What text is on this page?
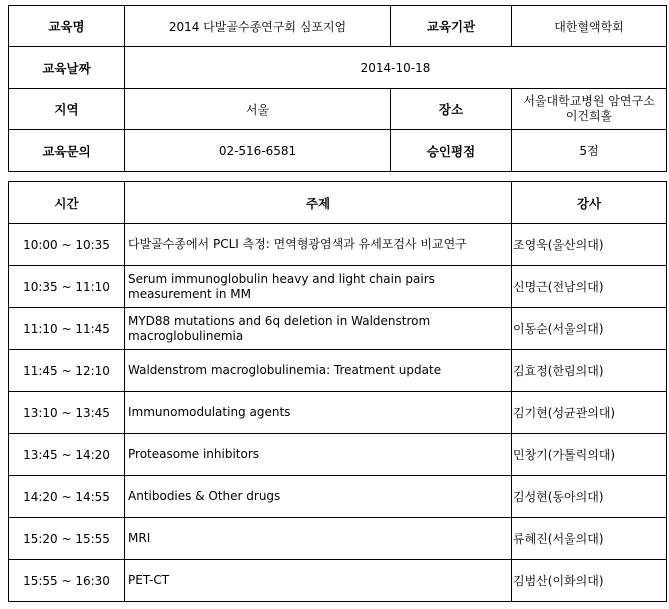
교육명	2014 다발골수종연구회 심포지엄	교육기관	대한혈액학회
교육날짜	2014-10-18		
지역	서울	장소	서울대학교병원 암연구소
이건희홀

교육문의	02-516-6581	승인평점	5점
시간	주제	강사
10:00 ~ 10:35	다발골수종에서 PCLI 측정: 면역형광염색과 유세포검사 비교연구	조영욱(울산의대)
10:35 ~ 11:10	Serum immunoglobulin heavy and light chain pairs measurement in MM	신명근(전남의대)
11:10 ~ 11:45	MYD88 mutations and 6q deletion in Waldenstrom macroglobulinemia	이동순(서울의대)
11:45 ~ 12:10	Waldenstrom macroglobulinemia: Treatment update	김효정(한림의대)
13:10 ~ 13:45	Immunomodulating agents	김기현(성균관의대)
13:45 ~ 14:20	Proteasome inhibitors	민창기(가톨릭의대)
14:20 ~ 14:55	Antibodies & Other drugs	김성현(동아의대)
15:20 ~ 15:55	MRI	류혜진(서울의대)
15:55 ~ 16:30	PET-CT	김범산(이화의대)
